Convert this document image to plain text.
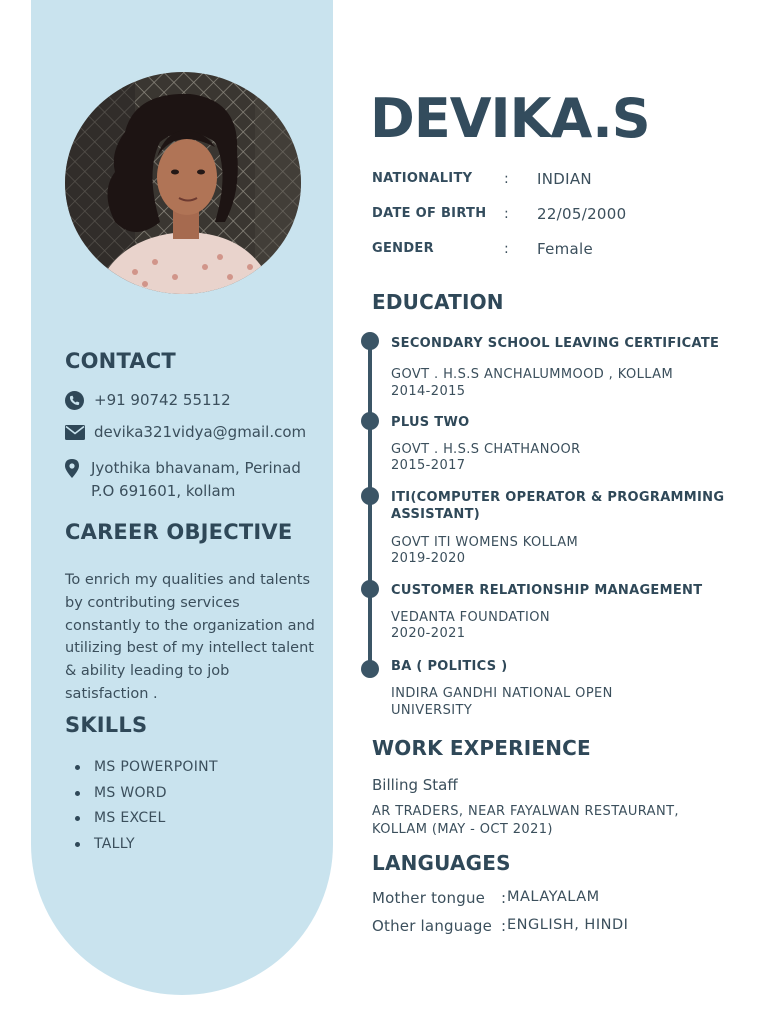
CONTACT
+91 90742 55112
devika321vidya@gmail.com
Jyothika bhavanam, Perinad
P.O 691601, kollam
CAREER OBJECTIVE
To enrich my qualities and talents by contributing services constantly to the organization and utilizing best of my intellect talent & ability leading to job satisfaction .
SKILLS
MS POWERPOINT
MS WORD
MS EXCEL
TALLY
DEVIKA.S
NATIONALITY	:	INDIAN
DATE OF BIRTH	:	22/05/2000
GENDER	:	Female
EDUCATION
SECONDARY SCHOOL LEAVING CERTIFICATE
GOVT . H.S.S ANCHALUMMOOD , KOLLAM
2014-2015
PLUS TWO
GOVT . H.S.S CHATHANOOR
2015-2017
ITI(COMPUTER OPERATOR & PROGRAMMING ASSISTANT)
GOVT ITI WOMENS KOLLAM
2019-2020
CUSTOMER RELATIONSHIP MANAGEMENT
VEDANTA FOUNDATION
2020-2021
BA ( POLITICS )
INDIRA GANDHI NATIONAL OPEN UNIVERSITY
WORK EXPERIENCE
Billing Staff
AR TRADERS, NEAR FAYALWAN RESTAURANT, KOLLAM (MAY - OCT 2021)
LANGUAGES
Mother tongue	: MALAYALAM
Other language : ENGLISH, HINDI
